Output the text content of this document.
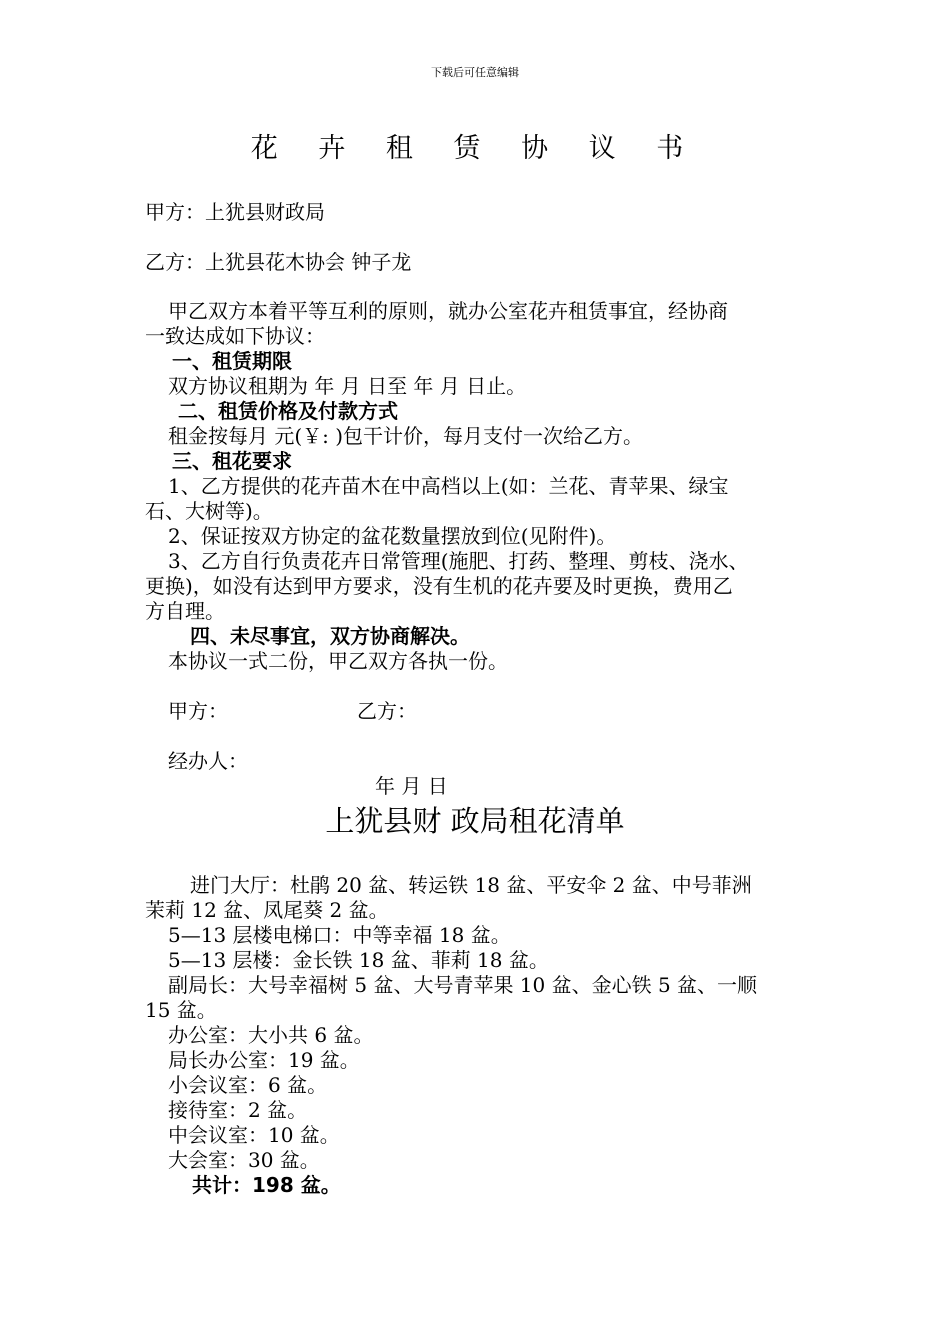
下载后可任意编辑
花 卉 租 赁 协 议 书
甲方：上犹县财政局
乙方：上犹县花木协会 钟子龙
甲乙双方本着平等互利的原则，就办公室花卉租赁事宜，经协商
一致达成如下协议：
一、租赁期限
双方协议租期为 年 月 日至 年 月 日止。
二、租赁价格及付款方式
租金按每月 元(￥: )包干计价，每月支付一次给乙方。
三、租花要求
1、乙方提供的花卉苗木在中高档以上(如：兰花、青苹果、绿宝
石、大树等)。
2、保证按双方协定的盆花数量摆放到位(见附件)。
3、乙方自行负责花卉日常管理(施肥、打药、整理、剪枝、浇水、
更换)，如没有达到甲方要求，没有生机的花卉要及时更换，费用乙
方自理。
四、未尽事宜，双方协商解决。
本协议一式二份，甲乙双方各执一份。
甲方：	乙方：
经办人：
年 月 日
上犹县财 政局租花清单
进门大厅：杜鹃 20 盆、转运铁 18 盆、平安伞 2 盆、中号菲洲
茉莉 12 盆、凤尾葵 2 盆。
5—13 层楼电梯口：中等幸福 18 盆。
5—13 层楼：金长铁 18 盆、菲莉 18 盆。
副局长：大号幸福树 5 盆、大号青苹果 10 盆、金心铁 5 盆、一顺
15 盆。
办公室：大小共 6 盆。
局长办公室：19 盆。
小会议室：6 盆。
接待室：2 盆。
中会议室：10 盆。
大会室：30 盆。
共计：198 盆。
